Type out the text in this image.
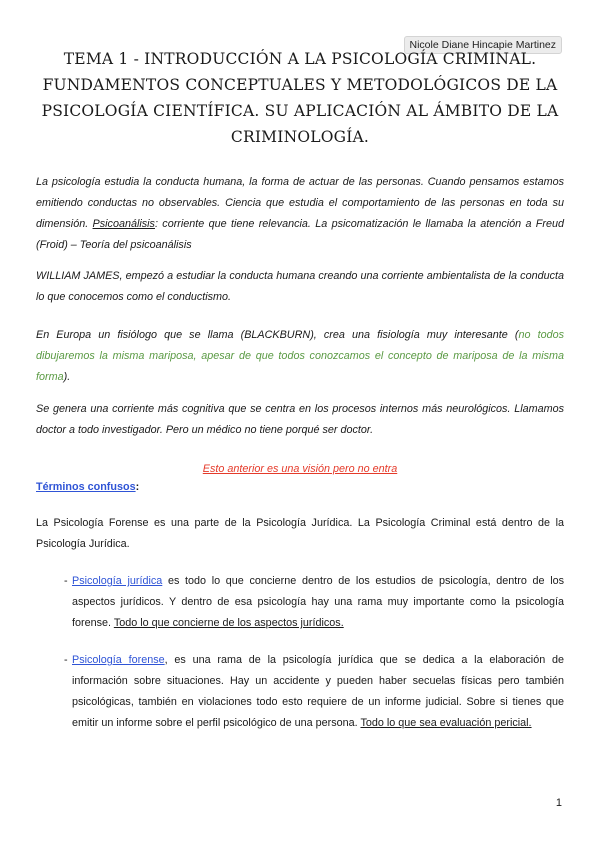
Nicole Diane Hincapie Martinez
TEMA 1 - INTRODUCCIÓN A LA PSICOLOGÍA CRIMINAL.
FUNDAMENTOS CONCEPTUALES Y METODOLÓGICOS DE LA
PSICOLOGÍA CIENTÍFICA. SU APLICACIÓN AL ÁMBITO DE LA
CRIMINOLOGÍA.

La psicología estudia la conducta humana, la forma de actuar de las personas. Cuando pensamos estamos emitiendo conductas no observables. Ciencia que estudia el comportamiento de las personas en toda su dimensión. Psicoanálisis: corriente que tiene relevancia. La psicomatización le llamaba la atención a Freud (Froid) – Teoría del psicoanálisis

WILLIAM JAMES, empezó a estudiar la conducta humana creando una corriente ambientalista de la conducta lo que conocemos como el conductismo.

En Europa un fisiólogo que se llama (BLACKBURN), crea una fisiología muy interesante (no todos dibujaremos la misma mariposa, apesar de que todos conozcamos el concepto de mariposa de la misma forma).

Se genera una corriente más cognitiva que se centra en los procesos internos más neurológicos. Llamamos doctor a todo investigador. Pero un médico no tiene porqué ser doctor.

Esto anterior es una visión pero no entra

Términos confusos:

La Psicología Forense es una parte de la Psicología Jurídica. La Psicología Criminal está dentro de la Psicología Jurídica.

- Psicología jurídica es todo lo que concierne dentro de los estudios de psicología, dentro de los aspectos jurídicos. Y dentro de esa psicología hay una rama muy importante como la psicología forense. Todo lo que concierne de los aspectos jurídicos.
- Psicología forense, es una rama de la psicología jurídica que se dedica a la elaboración de información sobre situaciones. Hay un accidente y pueden haber secuelas físicas pero también psicológicas, también en violaciones todo esto requiere de un informe judicial. Sobre si tienes que emitir un informe sobre el perfil psicológico de una persona. Todo lo que sea evaluación pericial.
1
